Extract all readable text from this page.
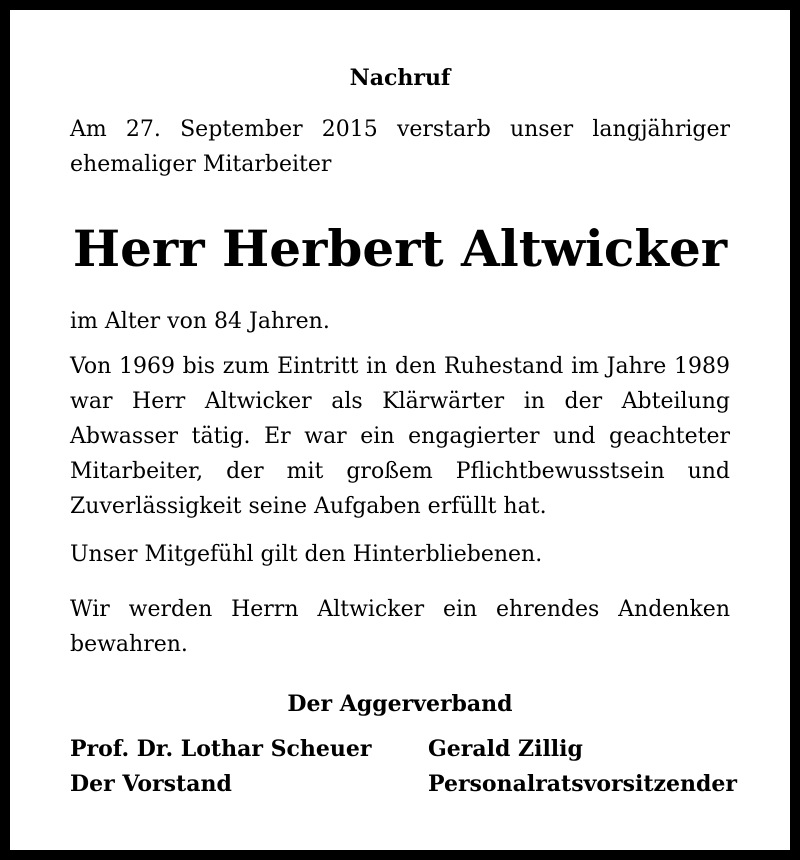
Nachruf
Am 27. September 2015 verstarb unser langjähriger ehemaliger Mitarbeiter
Herr Herbert Altwicker
im Alter von 84 Jahren.
Von 1969 bis zum Eintritt in den Ruhestand im Jahre 1989 war Herr Altwicker als Klärwärter in der Abteilung Abwasser tätig. Er war ein engagierter und geachteter Mitarbeiter, der mit großem Pflichtbewusstsein und Zuverlässigkeit seine Aufgaben erfüllt hat.
Unser Mitgefühl gilt den Hinterbliebenen.
Wir werden Herrn Altwicker ein ehrendes Andenken bewahren.
Der Aggerverband
Prof. Dr. Lothar Scheuer
Der Vorstand
Gerald Zillig
Personalratsvorsitzender
